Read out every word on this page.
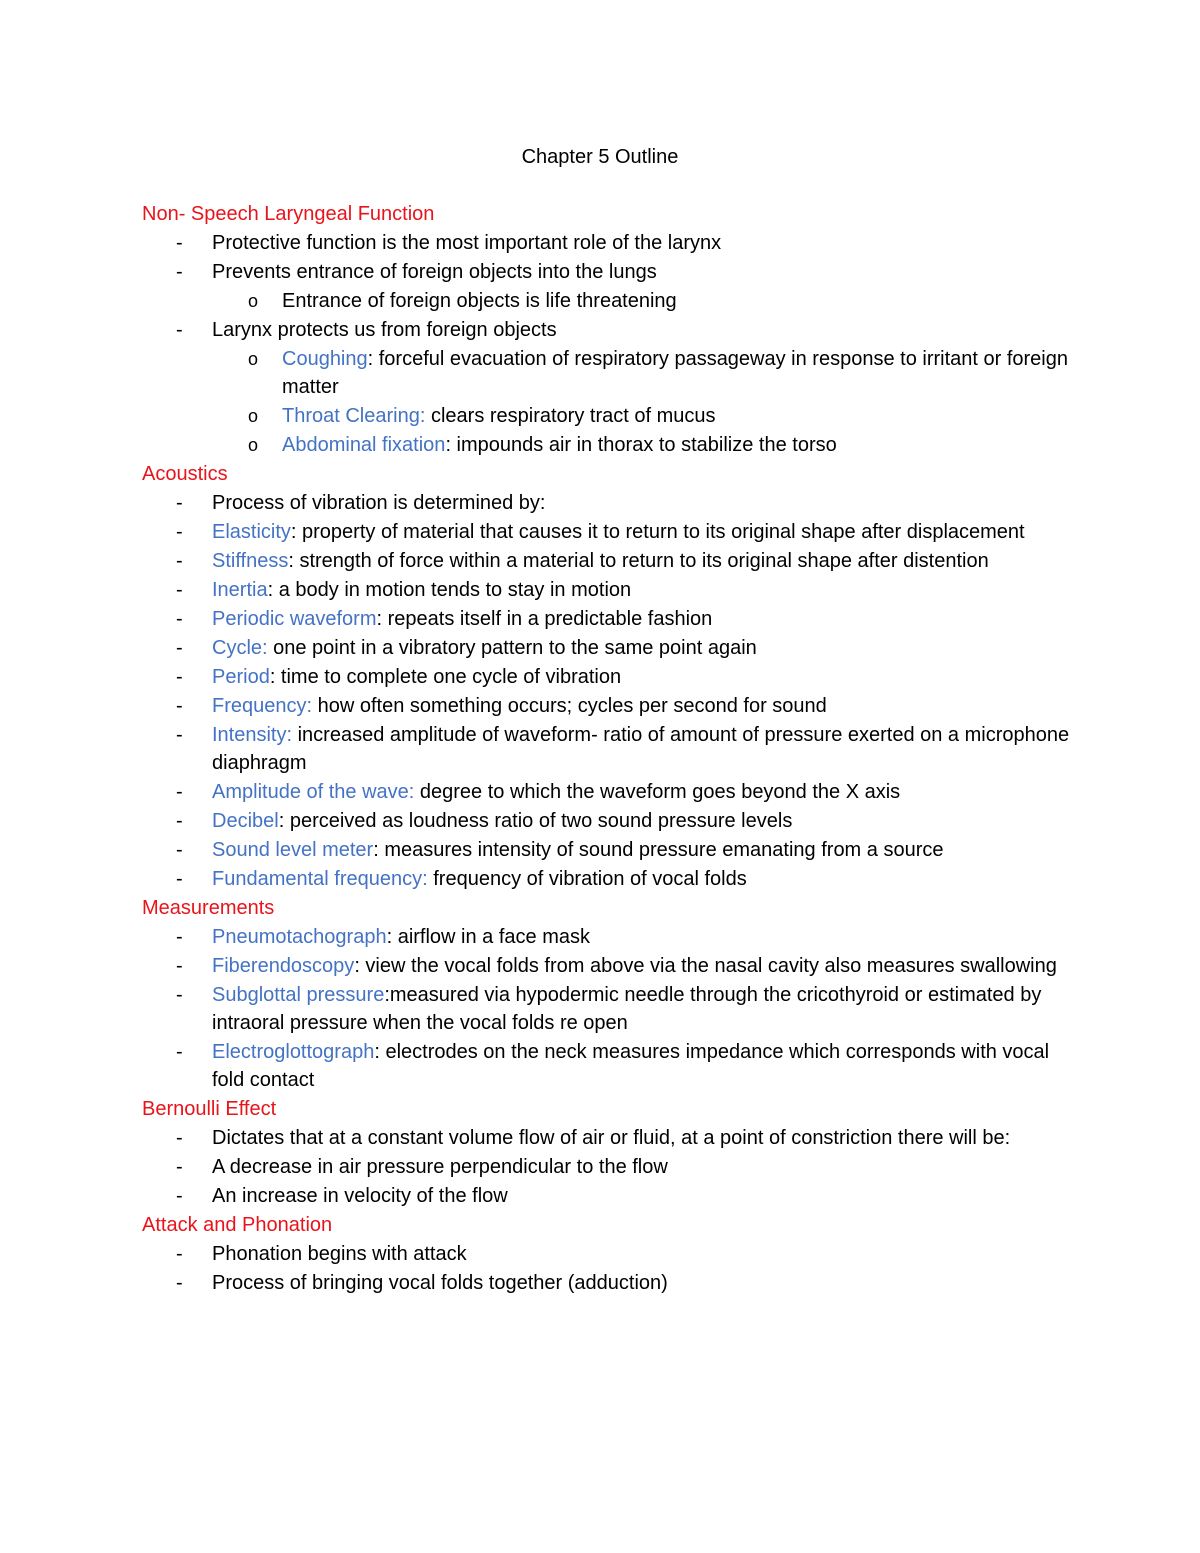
Chapter 5 Outline
Non- Speech Laryngeal Function
-	Protective function is the most important role of the larynx
-	Prevents entrance of foreign objects into the lungs
o	Entrance of foreign objects is life threatening
-	Larynx protects us from foreign objects
o	Coughing: forceful evacuation of respiratory passageway in response to irritant or foreign matter
o	Throat Clearing: clears respiratory tract of mucus
o	Abdominal fixation: impounds air in thorax to stabilize the torso
Acoustics
-	Process of vibration is determined by:
-	Elasticity: property of material that causes it to return to its original shape after displacement
-	Stiffness: strength of force within a material to return to its original shape after distention
-	Inertia: a body in motion tends to stay in motion
-	Periodic waveform: repeats itself in a predictable fashion
-	Cycle: one point in a vibratory pattern to the same point again
-	Period: time to complete one cycle of vibration
-	Frequency: how often something occurs; cycles per second for sound
-	Intensity: increased amplitude of waveform- ratio of amount of pressure exerted on a microphone diaphragm
-	Amplitude of the wave: degree to which the waveform goes beyond the X axis
-	Decibel: perceived as loudness ratio of two sound pressure levels
-	Sound level meter: measures intensity of sound pressure emanating from a source
-	Fundamental frequency: frequency of vibration of vocal folds
Measurements
-	Pneumotachograph: airflow in a face mask
-	Fiberendoscopy: view the vocal folds from above via the nasal cavity also measures swallowing
-	Subglottal pressure:measured via hypodermic needle through the cricothyroid or estimated by intraoral pressure when the vocal folds re open
-	Electroglottograph: electrodes on the neck measures impedance which corresponds with vocal fold contact
Bernoulli Effect
-	Dictates that at a constant volume flow of air or fluid, at a point of constriction there will be:
-	A decrease in air pressure perpendicular to the flow
-	An increase in velocity of the flow
Attack and Phonation
-	Phonation begins with attack
-	Process of bringing vocal folds together (adduction)
